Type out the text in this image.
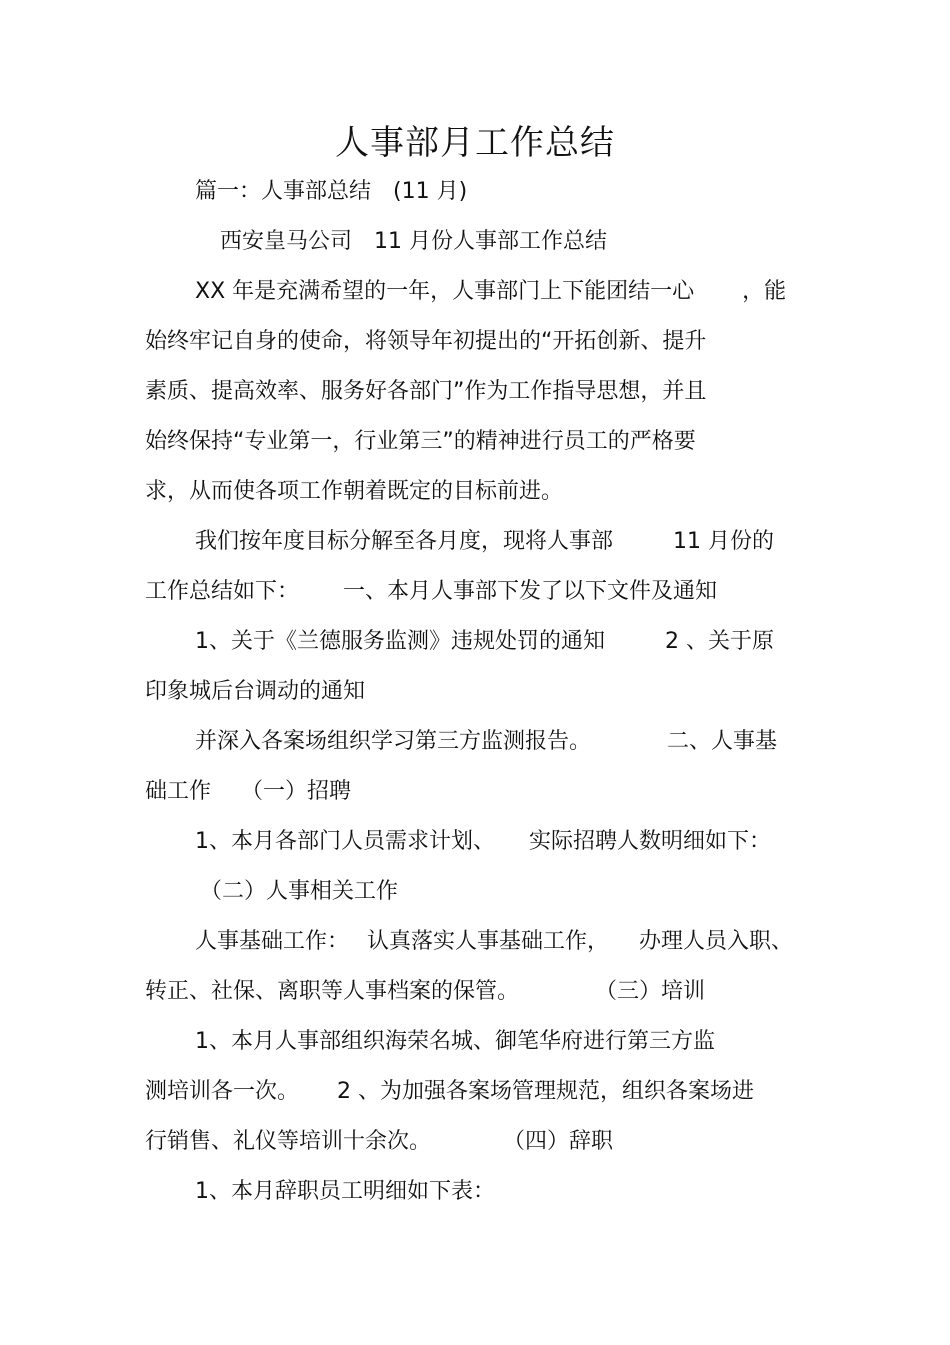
人事部月工作总结
篇一：人事部总结 (11 月)
西安皇马公司 11 月份人事部工作总结
XX 年是充满希望的一年，人事部门上下能团结一心 ，能
始终牢记自身的使命，将领导年初提出的“开拓创新、提升
素质、提高效率、服务好各部门”作为工作指导思想，并且
始终保持“专业第一，行业第三”的精神进行员工的严格要
求，从而使各项工作朝着既定的目标前进。
我们按年度目标分解至各月度，现将人事部	11 月份的
工作总结如下： 一、本月人事部下发了以下文件及通知
1、关于《兰德服务监测》违规处罚的通知	2 、关于原
印象城后台调动的通知
并深入各案场组织学习第三方监测报告。	二、人事基
础工作 （一）招聘
1、本月各部门人员需求计划、 实际招聘人数明细如下：
（二）人事相关工作
人事基础工作： 认真落实人事基础工作， 办理人员入职、
转正、社保、离职等人事档案的保管。	（三）培训
1、本月人事部组织海荣名城、御笔华府进行第三方监
测培训各一次。 2 、为加强各案场管理规范，组织各案场进
行销售、礼仪等培训十余次。	（四）辞职
1、本月辞职员工明细如下表：
